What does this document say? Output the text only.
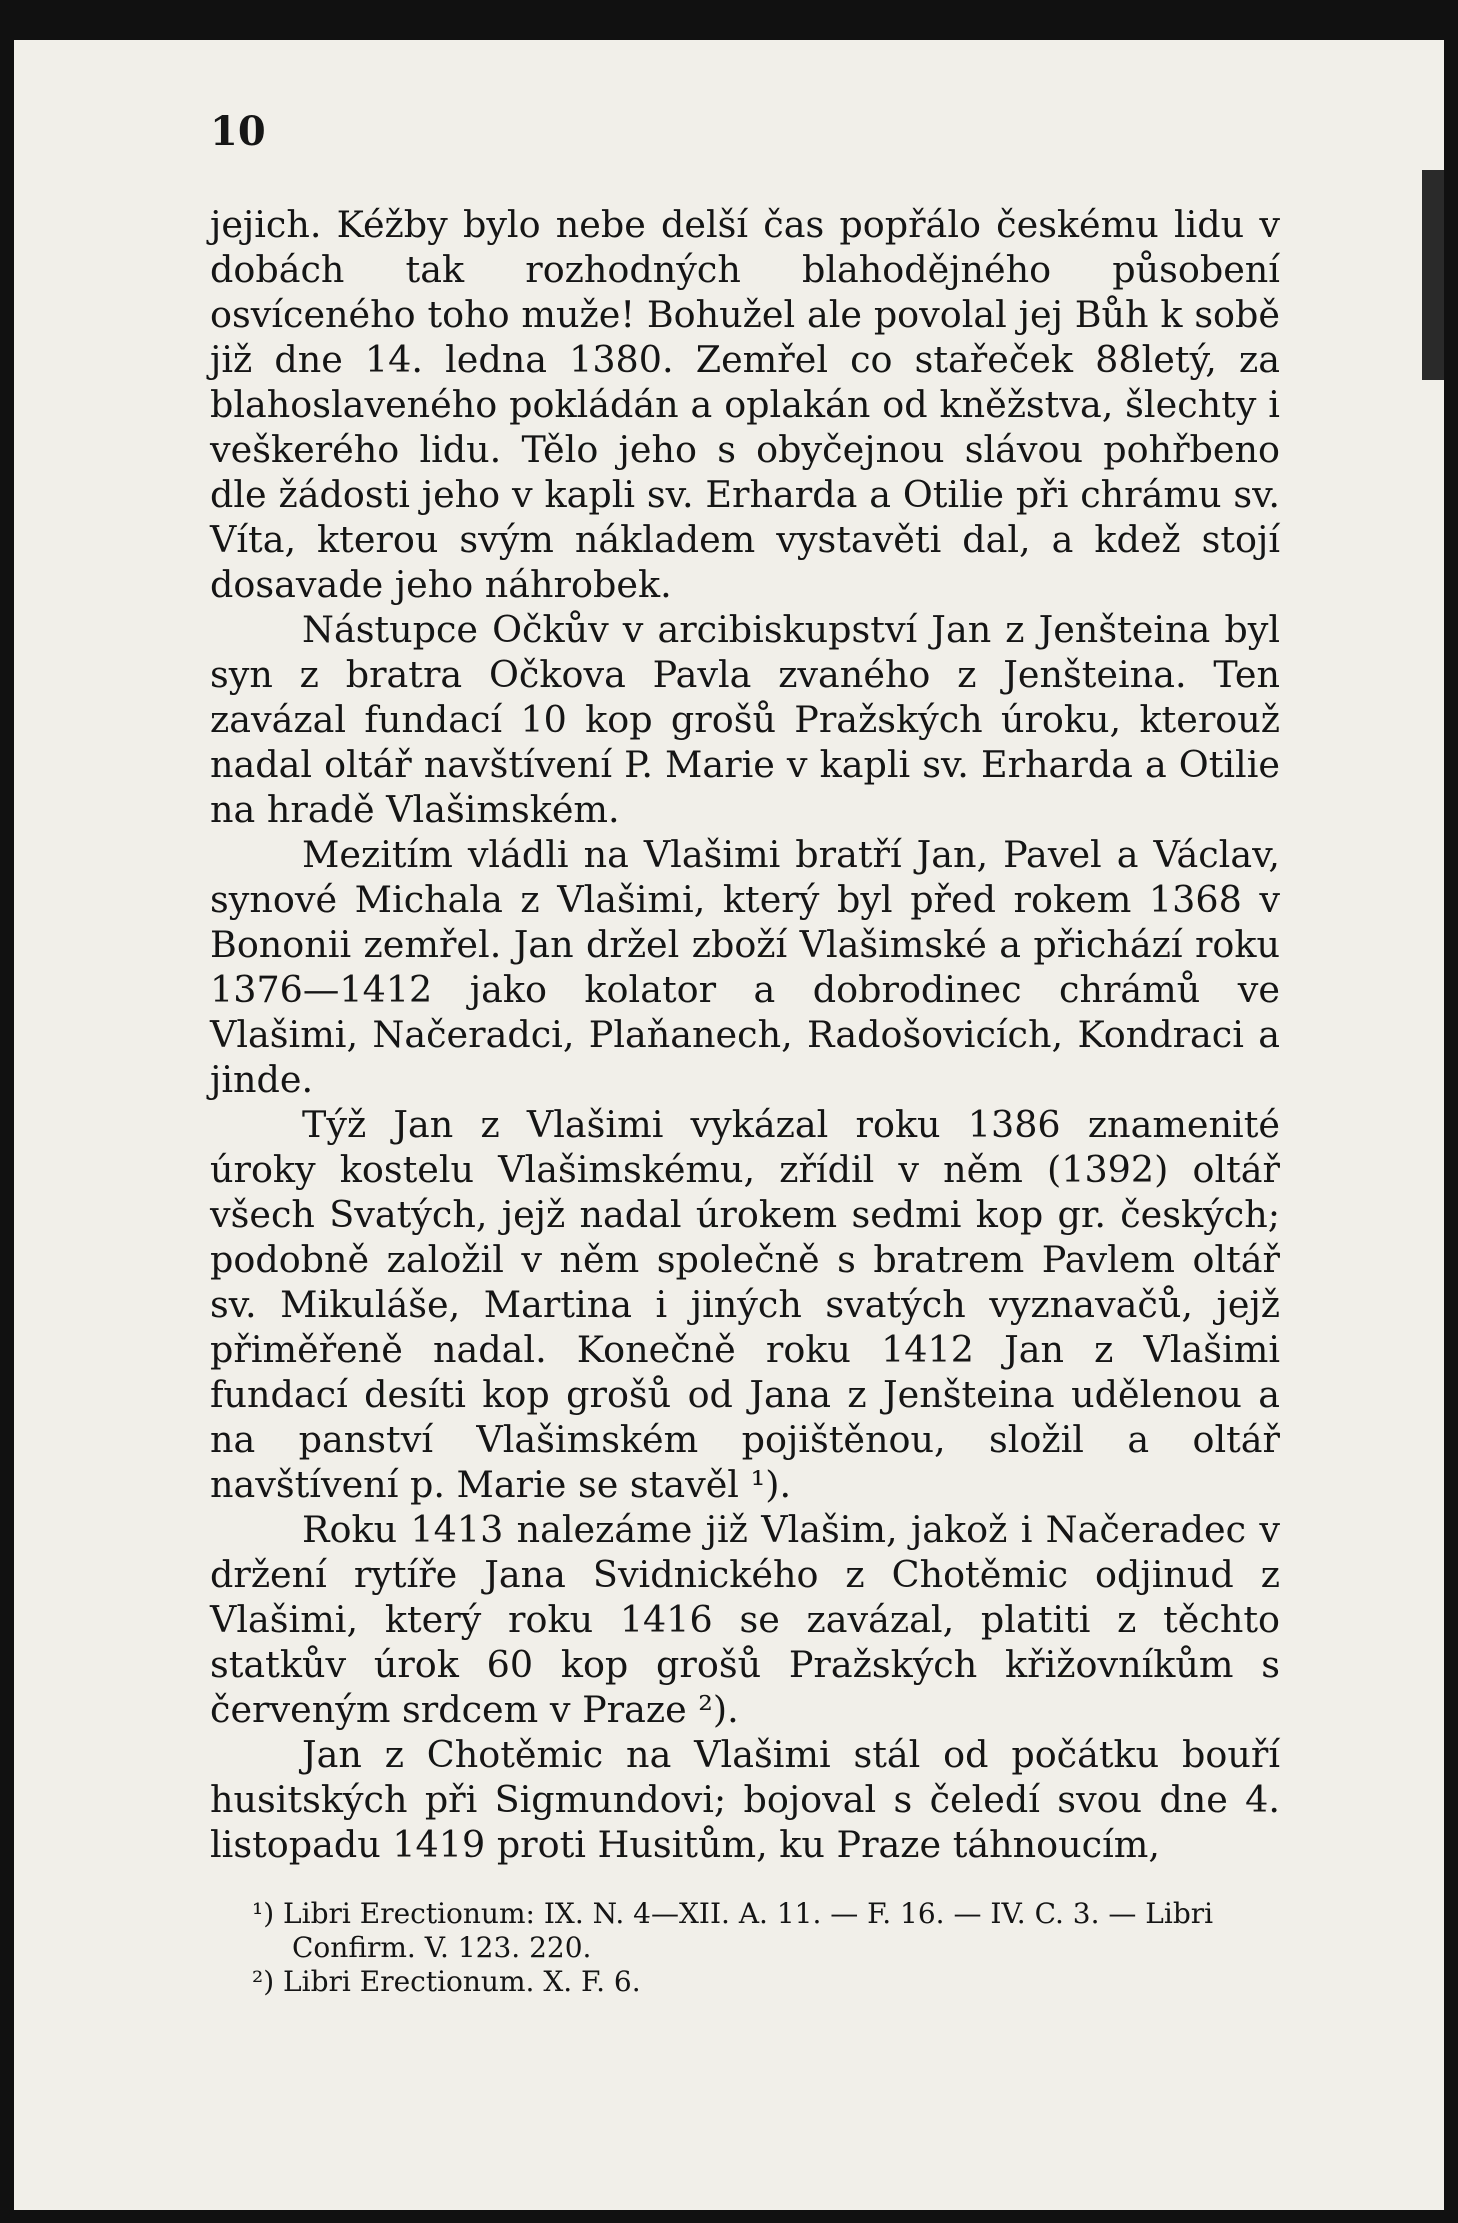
10

jejich. Kéžby bylo nebe delší čas popřálo českému lidu v dobách tak rozhodných blahodějného působení osvíceného toho muže! Bohužel ale povolal jej Bůh k sobě již dne 14. ledna 1380. Zemřel co stařeček 88letý, za blahoslaveného pokládán a oplakán od kněžstva, šlechty i veškerého lidu. Tělo jeho s obyčejnou slávou pohřbeno dle žádosti jeho v kapli sv. Erharda a Otilie při chrámu sv. Víta, kterou svým nákladem vystavěti dal, a kdež stojí dosavade jeho náhrobek.

Nástupce Očkův v arcibiskupství Jan z Jenšteina byl syn z bratra Očkova Pavla zvaného z Jenšteina. Ten zavázal fundací 10 kop grošů Pražských úroku, kterouž nadal oltář navštívení P. Marie v kapli sv. Erharda a Otilie na hradě Vlašimském.

Mezitím vládli na Vlašimi bratří Jan, Pavel a Václav, synové Michala z Vlašimi, který byl před rokem 1368 v Bononii zemřel. Jan držel zboží Vlašimské a přichází roku 1376—1412 jako kolator a dobrodinec chrámů ve Vlašimi, Načeradci, Plaňanech, Radošovicích, Kondraci a jinde.

Týž Jan z Vlašimi vykázal roku 1386 znamenité úroky kostelu Vlašimskému, zřídil v něm (1392) oltář všech Svatých, jejž nadal úrokem sedmi kop gr. českých; podobně založil v něm společně s bratrem Pavlem oltář sv. Mikuláše, Martina i jiných svatých vyznavačů, jejž přiměřeně nadal. Konečně roku 1412 Jan z Vlašimi fundací desíti kop grošů od Jana z Jenšteina udělenou a na panství Vlašimském pojištěnou, složil a oltář navštívení p. Marie se stavěl ¹).

Roku 1413 nalezáme již Vlašim, jakož i Načeradec v držení rytíře Jana Svidnického z Chotěmic odjinud z Vlašimi, který roku 1416 se zavázal, platiti z těchto statkův úrok 60 kop grošů Pražských křižovníkům s červeným srdcem v Praze ²).

Jan z Chotěmic na Vlašimi stál od počátku bouří husitských při Sigmundovi; bojoval s čeledí svou dne 4. listopadu 1419 proti Husitům, ku Praze táhnoucím,

¹) Libri Erectionum: IX. N. 4—XII. A. 11. — F. 16. — IV. C. 3. — Libri Confirm. V. 123. 220.

²) Libri Erectionum. X. F. 6.
